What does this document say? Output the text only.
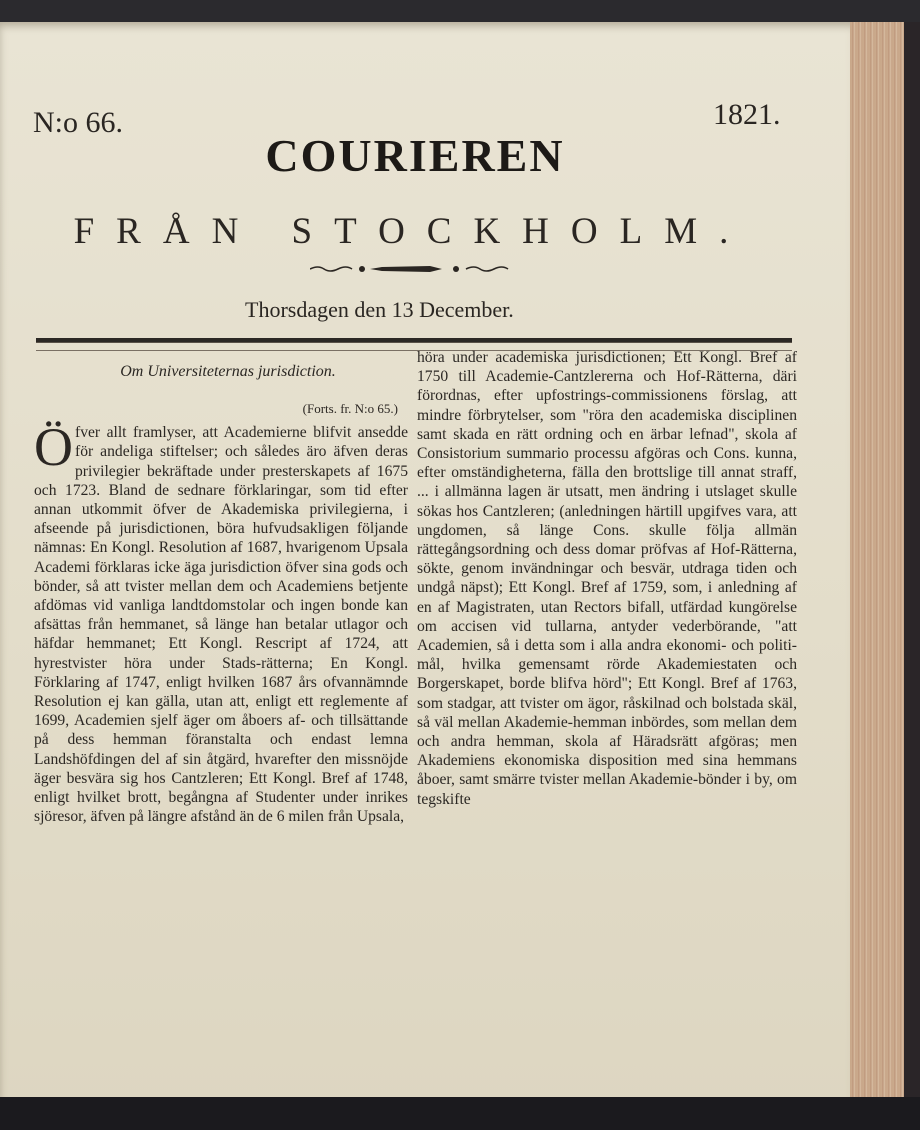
N:o 66.	1821.
COURIEREN
FRÅN STOCKHOLM.
Thorsdagen den 13 December.
Om Universiteternas jurisdiction.
(Forts. fr. N:o 65.)

Öfver allt framlyser, att Academierne blifvit ansedde för andeliga stiftelser; och således äro äfven deras privilegier bekräftade under presterskapets af 1675 och 1723. Bland de sednare förklaringar, som tid efter annan utkommit öfver de Akademiska privilegierna, i afseende på jurisdictionen, böra hufvudsakligen följande nämnas: En Kongl. Resolution af 1687, hvarigenom Upsala Academi förklaras icke äga jurisdiction öfver sina gods och bönder, så att tvister mellan dem och Academiens betjente afdömas vid vanliga landtdomstolar och ingen bonde kan afsättas från hemmanet, så länge han betalar utlagor och häfdar hemmanet; Ett Kongl. Rescript af 1724, att hyrestvister höra under Stads-rätterna; En Kongl. Förklaring af 1747, enligt hvilken 1687 års ofvannämnde Resolution ej kan gälla, utan att, enligt ett reglemente af 1699, Academien sjelf äger om åboers af- och tillsättande på dess hemman föranstalta och endast lemna Landshöfdingen del af sin åtgärd, hvarefter den missnöjde äger besvära sig hos Cantzleren; Ett Kongl. Bref af 1748, enligt hvilket brott, begångna af Studenter under inrikes sjöresor, äfven på längre afstånd än de 6 milen från Upsala,

höra under academiska jurisdictionen; Ett Kongl. Bref af 1750 till Academie-Cantzlererna och Hof-Rätterna, däri förordnas, efter upfostrings-commissionens förslag, att mindre förbrytelser, som "röra den academiska disciplinen samt skada en rätt ordning och en ärbar lefnad", skola af Consistorium summario processu afgöras och Cons. kunna, efter omständigheterna, fälla den brottslige till annat straff, ... i allmänna lagen är utsatt, men ändring i utslaget skulle sökas hos Cantzleren; (anledningen härtill upgifves vara, att ungdomen, så länge Cons. skulle följa allmän rättegångsordning och dess domar pröfvas af Hof-Rätterna, sökte, genom invändningar och besvär, utdraga tiden och undgå näpst); Ett Kongl. Bref af 1759, som, i anledning af en af Magistraten, utan Rectors bifall, utfärdad kungörelse om accisen vid tullarna, antyder vederbörande, "att Academien, så i detta som i alla andra ekonomi- och politi-mål, hvilka gemensamt rörde Akademiestaten och Borgerskapet, borde blifva hörd"; Ett Kongl. Bref af 1763, som stadgar, att tvister om ägor, råskilnad och bolstada skäl, så väl mellan Akademie-hemman inbördes, som mellan dem och andra hemman, skola af Häradsrätt afgöras; men Akademiens ekonomiska disposition med sina hemmans åboer, samt smärre tvister mellan Akademie-bönder i by, om tegskifte
